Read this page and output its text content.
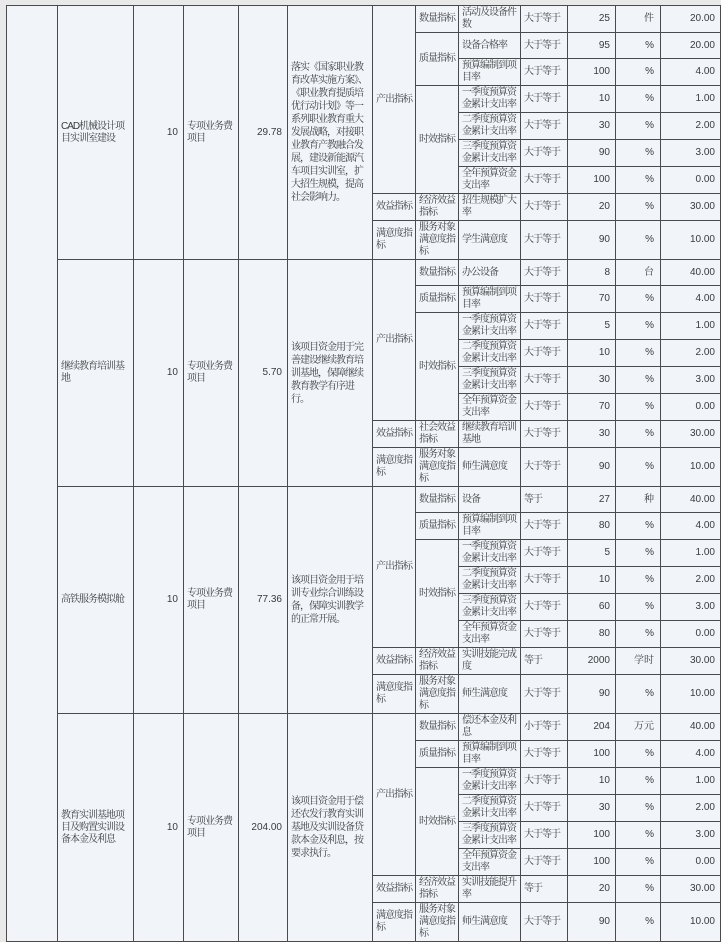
	CAD机械设计项目实训室建设	10	专项业务费项目	29.78	落实《国家职业教育改革实施方案》、《职业教育提质培优行动计划》等一系列职业教育重大发展战略，对接职业教育产教融合发展，建设新能源汽车项目实训室，扩大招生规模，提高社会影响力。	产出指标	数量指标	活动及设备件数	大于等于	25	件	20.00
							质量指标	设备合格率	大于等于	95	%	20.00
								预算编制到项目率	大于等于	100	%	4.00
							时效指标	一季度预算资金累计支出率	大于等于	10	%	1.00
								二季度预算资金累计支出率	大于等于	30	%	2.00
								三季度预算资金累计支出率	大于等于	90	%	3.00
								全年预算资金支出率	大于等于	100	%	0.00
						效益指标	经济效益指标	招生规模扩大率	大于等于	20	%	30.00
						满意度指标	服务对象满意度指标	学生满意度	大于等于	90	%	10.00
	继续教育培训基地	10	专项业务费项目	5.70	该项目资金用于完善建设继续教育培训基地，保障继续教育教学有序进行。	产出指标	数量指标	办公设备	大于等于	8	台	40.00
							质量指标	预算编制到项目率	大于等于	70	%	4.00
							时效指标	一季度预算资金累计支出率	大于等于	5	%	1.00
								二季度预算资金累计支出率	大于等于	10	%	2.00
								三季度预算资金累计支出率	大于等于	30	%	3.00
								全年预算资金支出率	大于等于	70	%	0.00
						效益指标	社会效益指标	继续教育培训基地	大于等于	30	%	30.00
						满意度指标	服务对象满意度指标	师生满意度	大于等于	90	%	10.00
	高铁服务模拟舱	10	专项业务费项目	77.36	该项目资金用于培训专业综合训练设备，保障实训教学的正常开展。	产出指标	数量指标	设备	等于	27	种	40.00
							质量指标	预算编制到项目率	大于等于	80	%	4.00
							时效指标	一季度预算资金累计支出率	大于等于	5	%	1.00
								二季度预算资金累计支出率	大于等于	10	%	2.00
								三季度预算资金累计支出率	大于等于	60	%	3.00
								全年预算资金支出率	大于等于	80	%	0.00
						效益指标	经济效益指标	实训技能完成度	等于	2000	学时	30.00
						满意度指标	服务对象满意度指标	师生满意度	大于等于	90	%	10.00
	教育实训基地项目及购置实训设备本金及利息	10	专项业务费项目	204.00	该项目资金用于偿还农发行教育实训基地及实训设备贷款本金及利息，按要求执行。	产出指标	数量指标	偿还本金及利息	小于等于	204	万元	40.00
							质量指标	预算编制到项目率	大于等于	100	%	4.00
							时效指标	一季度预算资金累计支出率	大于等于	10	%	1.00
								二季度预算资金累计支出率	大于等于	30	%	2.00
								三季度预算资金累计支出率	大于等于	100	%	3.00
								全年预算资金支出率	大于等于	100	%	0.00
						效益指标	经济效益指标	实训技能提升率	等于	20	%	30.00
						满意度指标	服务对象满意度指标	师生满意度	大于等于	90	%	10.00
